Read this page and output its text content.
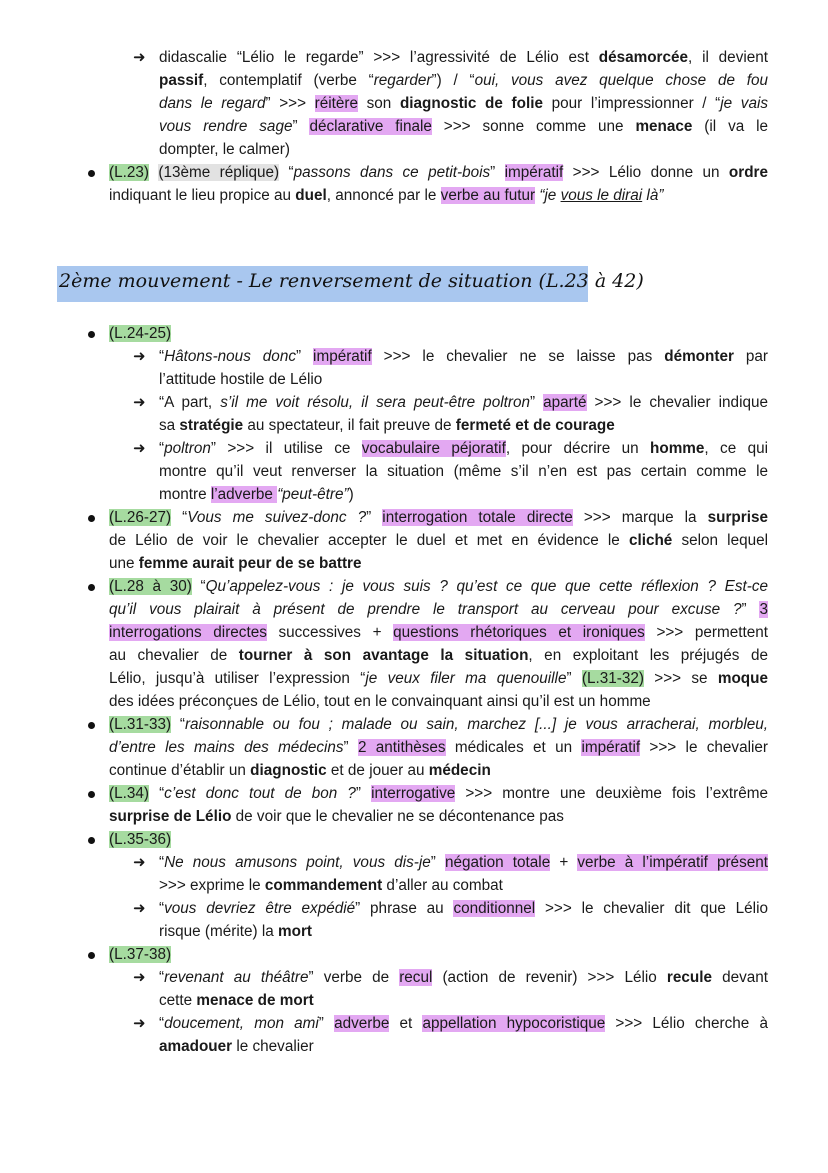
➜ didascalie “Lélio le regarde” >>> l’agressivité de Lélio est désamorcée, il devient
passif, contemplatif (verbe “regarder”) / “oui, vous avez quelque chose de fou
dans le regard” >>> réitère son diagnostic de folie pour l’impressionner / “je vais
vous rendre sage” déclarative finale >>> sonne comme une menace (il va le
dompter, le calmer)
(L.23) (13ème réplique) “passons dans ce petit-bois” impératif >>> Lélio donne un ordre
indiquant le lieu propice au duel, annoncé par le verbe au futur “je vous le dirai là”
2ème mouvement - Le renversement de situation (L.23 à 42)
(L.24-25)
➜ “Hâtons-nous donc” impératif >>> le chevalier ne se laisse pas démonter par
l’attitude hostile de Lélio
➜ “A part, s’il me voit résolu, il sera peut-être poltron” aparté >>> le chevalier indique
sa stratégie au spectateur, il fait preuve de fermeté et de courage
➜ “poltron” >>> il utilise ce vocabulaire péjoratif, pour décrire un homme, ce qui
montre qu’il veut renverser la situation (même s’il n’en est pas certain comme le
montre l’adverbe “peut-être”)
(L.26-27) “Vous me suivez-donc ?” interrogation totale directe >>> marque la surprise
de Lélio de voir le chevalier accepter le duel et met en évidence le cliché selon lequel
une femme aurait peur de se battre
(L.28 à 30) “Qu’appelez-vous : je vous suis ? qu’est ce que que cette réflexion ? Est-ce
qu’il vous plairait à présent de prendre le transport au cerveau pour excuse ?” 3
interrogations directes successives + questions rhétoriques et ironiques >>> permettent
au chevalier de tourner à son avantage la situation, en exploitant les préjugés de
Lélio, jusqu’à utiliser l’expression “je veux filer ma quenouille” (L.31-32) >>> se moque
des idées préconçues de Lélio, tout en le convainquant ainsi qu’il est un homme
(L.31-33) “raisonnable ou fou ; malade ou sain, marchez [...] je vous arracherai, morbleu,
d’entre les mains des médecins” 2 antithèses médicales et un impératif >>> le chevalier
continue d’établir un diagnostic et de jouer au médecin
(L.34) “c’est donc tout de bon ?” interrogative >>> montre une deuxième fois l’extrême
surprise de Lélio de voir que le chevalier ne se décontenance pas
(L.35-36)
➜ “Ne nous amusons point, vous dis-je” négation totale + verbe à l’impératif présent
>>> exprime le commandement d’aller au combat
➜ “vous devriez être expédié” phrase au conditionnel >>> le chevalier dit que Lélio
risque (mérite) la mort
(L.37-38)
➜ “revenant au théâtre” verbe de recul (action de revenir) >>> Lélio recule devant
cette menace de mort
➜ “doucement, mon ami” adverbe et appellation hypocoristique >>> Lélio cherche à
amadouer le chevalier
